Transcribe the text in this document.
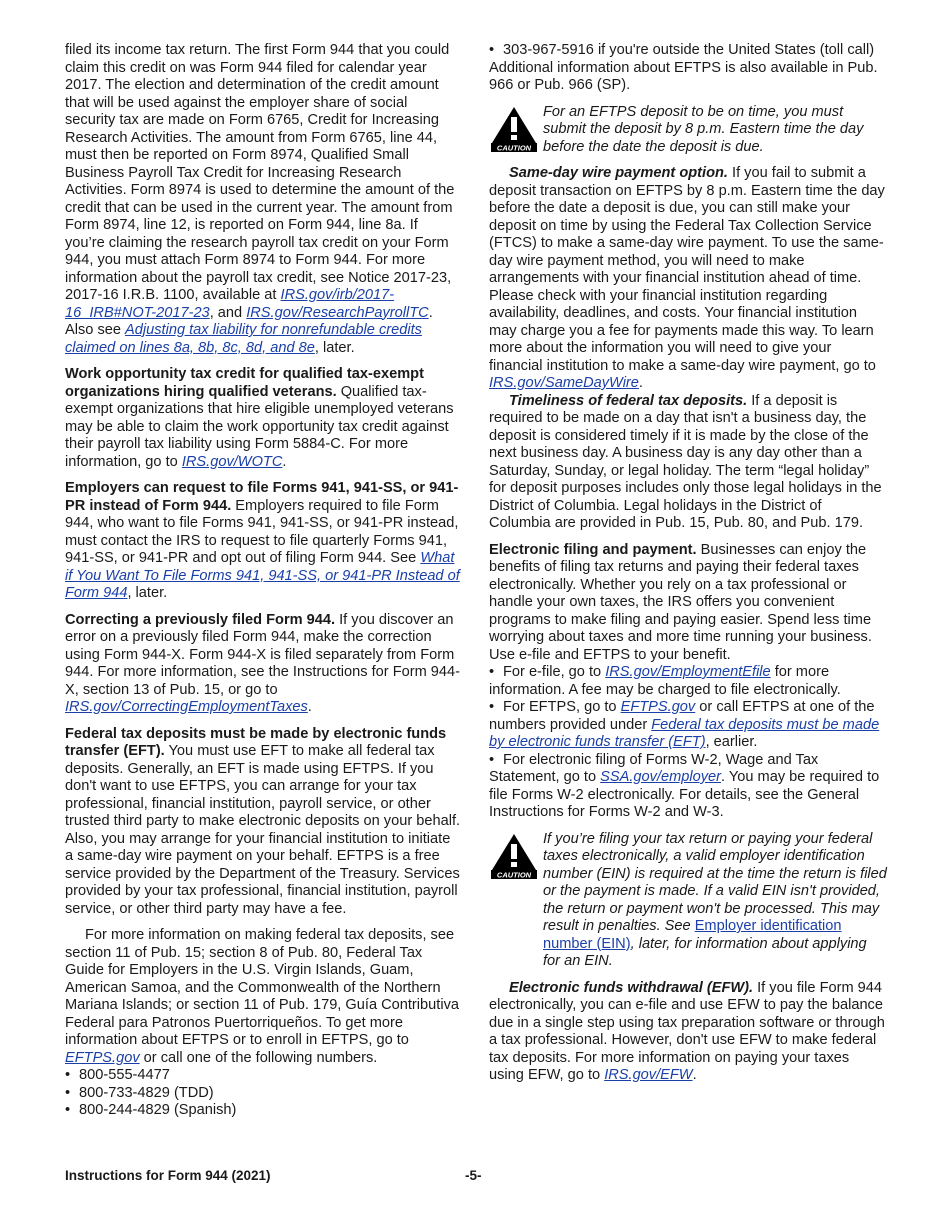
filed its income tax return. The first Form 944 that you could claim this credit on was Form 944 filed for calendar year 2017. The election and determination of the credit amount that will be used against the employer share of social security tax are made on Form 6765, Credit for Increasing Research Activities. The amount from Form 6765, line 44, must then be reported on Form 8974, Qualified Small Business Payroll Tax Credit for Increasing Research Activities. Form 8974 is used to determine the amount of the credit that can be used in the current year. The amount from Form 8974, line 12, is reported on Form 944, line 8a. If you’re claiming the research payroll tax credit on your Form 944, you must attach Form 8974 to Form 944. For more information about the payroll tax credit, see Notice 2017-23, 2017-16 I.R.B. 1100, available at IRS.gov/irb/2017-16_IRB#NOT-2017-23, and IRS.gov/ResearchPayrollTC. Also see Adjusting tax liability for nonrefundable credits claimed on lines 8a, 8b, 8c, 8d, and 8e, later.

Work opportunity tax credit for qualified tax-exempt organizations hiring qualified veterans. Qualified tax-exempt organizations that hire eligible unemployed veterans may be able to claim the work opportunity tax credit against their payroll tax liability using Form 5884-C. For more information, go to IRS.gov/WOTC.

Employers can request to file Forms 941, 941-SS, or 941-PR instead of Form 944. Employers required to file Form 944, who want to file Forms 941, 941-SS, or 941-PR instead, must contact the IRS to request to file quarterly Forms 941, 941-SS, or 941-PR and opt out of filing Form 944. See What if You Want To File Forms 941, 941-SS, or 941-PR Instead of Form 944, later.

Correcting a previously filed Form 944. If you discover an error on a previously filed Form 944, make the correction using Form 944-X. Form 944-X is filed separately from Form 944. For more information, see the Instructions for Form 944-X, section 13 of Pub. 15, or go to IRS.gov/CorrectingEmploymentTaxes.

Federal tax deposits must be made by electronic funds transfer (EFT). You must use EFT to make all federal tax deposits. Generally, an EFT is made using EFTPS. If you don't want to use EFTPS, you can arrange for your tax professional, financial institution, payroll service, or other trusted third party to make electronic deposits on your behalf. Also, you may arrange for your financial institution to initiate a same-day wire payment on your behalf. EFTPS is a free service provided by the Department of the Treasury. Services provided by your tax professional, financial institution, payroll service, or other third party may have a fee.

For more information on making federal tax deposits, see section 11 of Pub. 15; section 8 of Pub. 80, Federal Tax Guide for Employers in the U.S. Virgin Islands, Guam, American Samoa, and the Commonwealth of the Northern Mariana Islands; or section 11 of Pub. 179, Guía Contributiva Federal para Patronos Puertorriqueños. To get more information about EFTPS or to enroll in EFTPS, go to EFTPS.gov or call one of the following numbers.

• 800-555-4477

• 800-733-4829 (TDD)

• 800-244-4829 (Spanish)

• 303-967-5916 if you're outside the United States (toll call)

Additional information about EFTPS is also available in Pub. 966 or Pub. 966 (SP).

CAUTION
For an EFTPS deposit to be on time, you must submit the deposit by 8 p.m. Eastern time the day before the date the deposit is due.

Same-day wire payment option. If you fail to submit a deposit transaction on EFTPS by 8 p.m. Eastern time the day before the date a deposit is due, you can still make your deposit on time by using the Federal Tax Collection Service (FTCS) to make a same-day wire payment. To use the same-day wire payment method, you will need to make arrangements with your financial institution ahead of time. Please check with your financial institution regarding availability, deadlines, and costs. Your financial institution may charge you a fee for payments made this way. To learn more about the information you will need to give your financial institution to make a same-day wire payment, go to IRS.gov/SameDayWire.

Timeliness of federal tax deposits. If a deposit is required to be made on a day that isn't a business day, the deposit is considered timely if it is made by the close of the next business day. A business day is any day other than a Saturday, Sunday, or legal holiday. The term “legal holiday” for deposit purposes includes only those legal holidays in the District of Columbia. Legal holidays in the District of Columbia are provided in Pub. 15, Pub. 80, and Pub. 179.

Electronic filing and payment. Businesses can enjoy the benefits of filing tax returns and paying their federal taxes electronically. Whether you rely on a tax professional or handle your own taxes, the IRS offers you convenient programs to make filing and paying easier. Spend less time worrying about taxes and more time running your business. Use e-file and EFTPS to your benefit.

• For e-file, go to IRS.gov/EmploymentEfile for more information. A fee may be charged to file electronically.

• For EFTPS, go to EFTPS.gov or call EFTPS at one of the numbers provided under Federal tax deposits must be made by electronic funds transfer (EFT), earlier.

• For electronic filing of Forms W-2, Wage and Tax Statement, go to SSA.gov/employer. You may be required to file Forms W-2 electronically. For details, see the General Instructions for Forms W-2 and W-3.

CAUTION
If you’re filing your tax return or paying your federal taxes electronically, a valid employer identification number (EIN) is required at the time the return is filed or the payment is made. If a valid EIN isn't provided, the return or payment won't be processed. This may result in penalties. See Employer identification number (EIN), later, for information about applying for an EIN.

Electronic funds withdrawal (EFW). If you file Form 944 electronically, you can e-file and use EFW to pay the balance due in a single step using tax preparation software or through a tax professional. However, don't use EFW to make federal tax deposits. For more information on paying your taxes using EFW, go to IRS.gov/EFW.

Instructions for Form 944 (2021)	-5-
